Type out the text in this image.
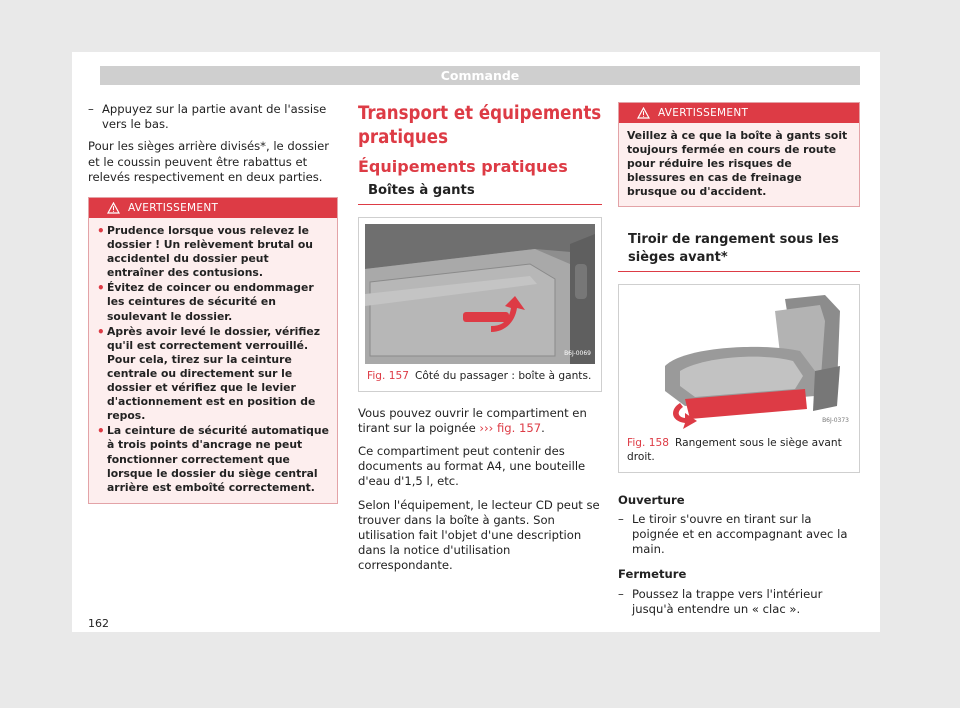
Commande
– Appuyez sur la partie avant de l'assise vers le bas.

Pour les sièges arrière divisés*, le dossier et le coussin peuvent être rabattus et relevés respectivement en deux parties.

AVERTISSEMENT
• Prudence lorsque vous relevez le dossier ! Un relèvement brutal ou accidentel du dossier peut entraîner des contusions.
• Évitez de coincer ou endommager les ceintures de sécurité en soulevant le dossier.
• Après avoir levé le dossier, vérifiez qu'il est correctement verrouillé. Pour cela, tirez sur la ceinture centrale ou directement sur le dossier et vérifiez que le levier d'actionnement est en position de repos.
• La ceinture de sécurité automatique à trois points d'ancrage ne peut fonctionner correctement que lorsque le dossier du siège central arrière est emboîté correctement.
Transport et équipements pratiques
Équipements pratiques
Boîtes à gants
B6J-0069
Fig. 157 Côté du passager : boîte à gants.

Vous pouvez ouvrir le compartiment en tirant sur la poignée ››› fig. 157.

Ce compartiment peut contenir des documents au format A4, une bouteille d'eau d'1,5 l, etc.

Selon l'équipement, le lecteur CD peut se trouver dans la boîte à gants. Son utilisation fait l'objet d'une description dans la notice d'utilisation correspondante.

AVERTISSEMENT
Veillez à ce que la boîte à gants soit toujours fermée en cours de route pour réduire les risques de blessures en cas de freinage brusque ou d'accident.
Tiroir de rangement sous les sièges avant*
B6J-0373
Fig. 158 Rangement sous le siège avant droit.
Ouverture
– Le tiroir s'ouvre en tirant sur la poignée et en accompagnant avec la main.
Fermeture
– Poussez la trappe vers l'intérieur jusqu'à entendre un « clac ».
162
